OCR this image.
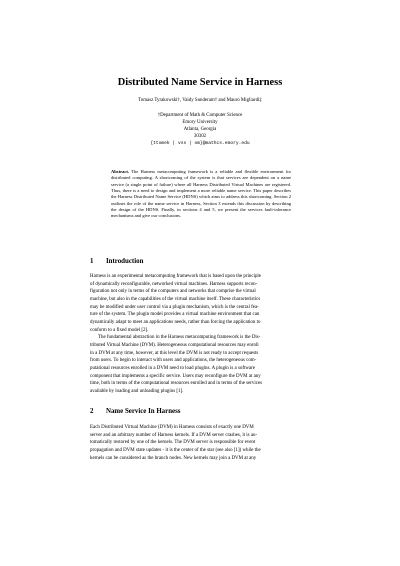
Distributed Name Service in Harness
Tomasz Tyrakowski†, Vaidy Sunderam† and Mauro Migliardi‡
†Department of Math & Computer Science
Emory University
Atlanta, Georgia
30302
{ttomek | vss | om}@mathcs.emory.edu
Abstract. The Harness metacomputing framework is a reliable and flexible environment for distributed computing. A shortcoming of the system is that services are dependent on a name service (a single point of failure) where all Harness Distributed Virtual Machines are registered. Thus, there is a need to design and implement a more reliable name service. This paper describes the Harness Distributed Name Service (HDNS) which aims to address this shortcoming. Section 2 outlines the role of the name service in Harness, Section 3 extends this discussion by describing the design of the HDNS. Finally, in sections 4 and 5, we present the services fault-tolerance mechanisms and give our conclusions.
1 Introduction
Harness is an experimental metacomputing framework that is based upon the principle
of dynamically reconfigurable, networked virtual machines. Harness supports recon-
figuration not only in terms of the computers and networks that comprise the virtual
machine, but also in the capabilities of the virtual machine itself. These characteristics
may be modified under user control via a plugin mechanism, which is the central fea-
ture of the system. The plugin model provides a virtual machine environment that can
dynamically adapt to meet an applications needs, rather than forcing the application to
conform to a fixed model [2].
The fundamental abstraction in the Harness metacomputing framework is the Dis-
tributed Virtual Machine (DVM). Heterogeneous computational resources may enroll
in a DVM at any time, however, at this level the DVM is not ready to accept requests
from users. To begin to interact with users and applications, the heterogeneous com-
putational resources enrolled in a DVM need to load plugins. A plugin is a software
component that implements a specific service. Users may reconfigure the DVM at any
time, both in terms of the computational resources enrolled and in terms of the services
available by loading and unloading plugins [1].
2 Name Service In Harness
Each Distributed Virtual Machine (DVM) in Harness consists of exactly one DVM
server and an arbitrary number of Harness kernels. If a DVM server crashes, it is au-
tomatically restored by one of the kernels. The DVM server is responsible for event
propagation and DVM state updates - it is the center of the star (see also [1]) while the
kernels can be considered as the branch nodes. New kernels may join a DVM at any
